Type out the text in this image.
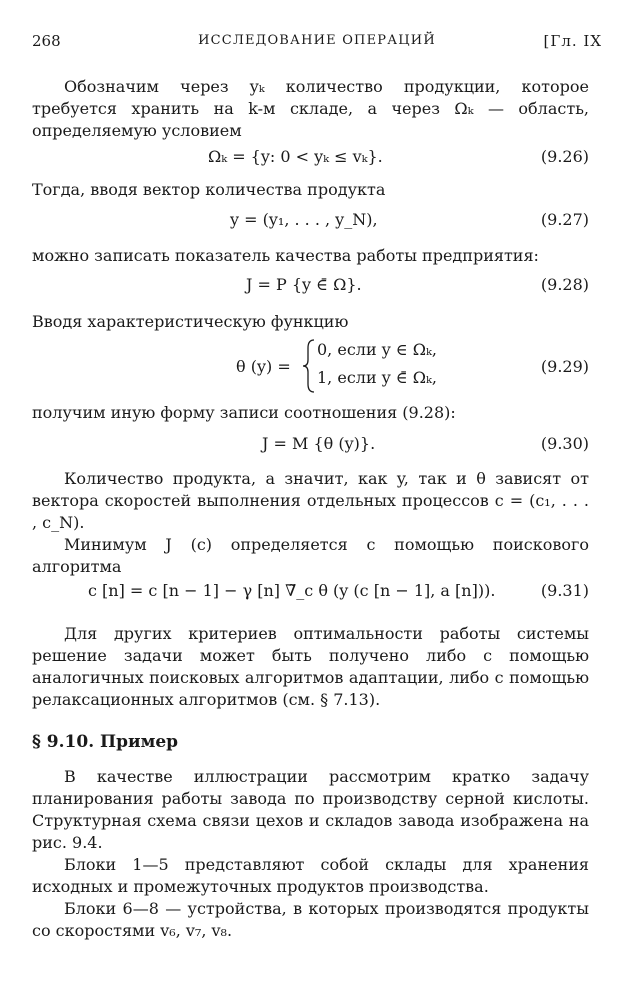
268	ИССЛЕДОВАНИЕ ОПЕРАЦИЙ	[Гл. IX
Обозначим через yₖ количество продукции, которое требуется хранить на k-м складе, а через Ωₖ — область, определяемую условием
Ωₖ = {y: 0 < yₖ ≤ vₖ}.	(9.26)
Тогда, вводя вектор количества продукта
y = (y₁, . . . , y_N),	(9.27)
можно записать показатель качества работы предприятия:
J = P {y ∈̄ Ω}.	(9.28)
Вводя характеристическую функцию
θ (y) =
0, если y ∈ Ωₖ,
1, если y ∈̄ Ωₖ,
(9.29)
получим иную форму записи соотношения (9.28):
J = M {θ (y)}.	(9.30)
Количество продукта, а значит, как y, так и θ зависят от вектора скоростей выполнения отдельных процессов c = (c₁, . . . , c_N).
Минимум J (c) определяется с помощью поискового алгоритма
c [n] = c [n − 1] − γ [n] ∇̃_c θ (y (c [n − 1], a [n])).	(9.31)
Для других критериев оптимальности работы системы решение задачи может быть получено либо с помощью аналогичных поисковых алгоритмов адаптации, либо с помощью релаксационных алгоритмов (см. § 7.13).
§ 9.10. Пример
В качестве иллюстрации рассмотрим кратко задачу планирования работы завода по производству серной кислоты. Структурная схема связи цехов и складов завода изображена на рис. 9.4.
Блоки 1—5 представляют собой склады для хранения исходных и промежуточных продуктов производства.
Блоки 6—8 — устройства, в которых производятся продукты со скоростями v₆, v₇, v₈.
